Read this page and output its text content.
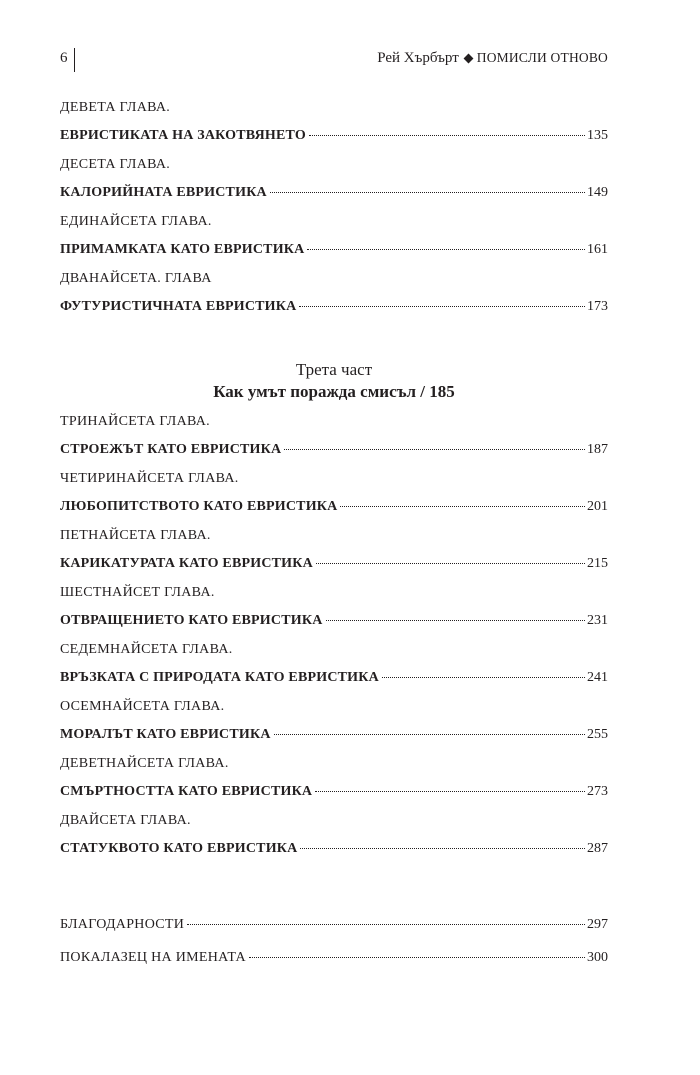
6	Рей Хърбърт ПОМИСЛИ ОТНОВО
ДЕВЕТА ГЛАВА.
ЕВРИСТИКАТА НА ЗАКОТВЯНЕТО	135
ДЕСЕТА ГЛАВА.
КАЛОРИЙНАТА ЕВРИСТИКА	149
ЕДИНАЙСЕТА ГЛАВА.
ПРИМАМКАТА КАТО ЕВРИСТИКА	161
ДВАНАЙСЕТА. ГЛАВА
ФУТУРИСТИЧНАТА ЕВРИСТИКА	173
Трета част
Как умът поражда смисъл / 185
ТРИНАЙСЕТА ГЛАВА.
СТРОЕЖЪТ КАТО ЕВРИСТИКА	187
ЧЕТИРИНАЙСЕТА ГЛАВА.
ЛЮБОПИТСТВОТО КАТО ЕВРИСТИКА	201
ПЕТНАЙСЕТА ГЛАВА.
КАРИКАТУРАТА КАТО ЕВРИСТИКА	215
ШЕСТНАЙСЕТ ГЛАВА.
ОТВРАЩЕНИЕТО КАТО ЕВРИСТИКА	231
СЕДЕМНАЙСЕТА ГЛАВА.
ВРЪЗКАТА С ПРИРОДАТА КАТО ЕВРИСТИКА	241
ОСЕМНАЙСЕТА ГЛАВА.
МОРАЛЪТ КАТО ЕВРИСТИКА	255
ДЕВЕТНАЙСЕТА ГЛАВА.
СМЪРТНОСТТА КАТО ЕВРИСТИКА	273
ДВАЙСЕТА ГЛАВА.
СТАТУКВОТО КАТО ЕВРИСТИКА	287
БЛАГОДАРНОСТИ	297
ПОКАЛАЗЕЦ НА ИМЕНАТА	300
